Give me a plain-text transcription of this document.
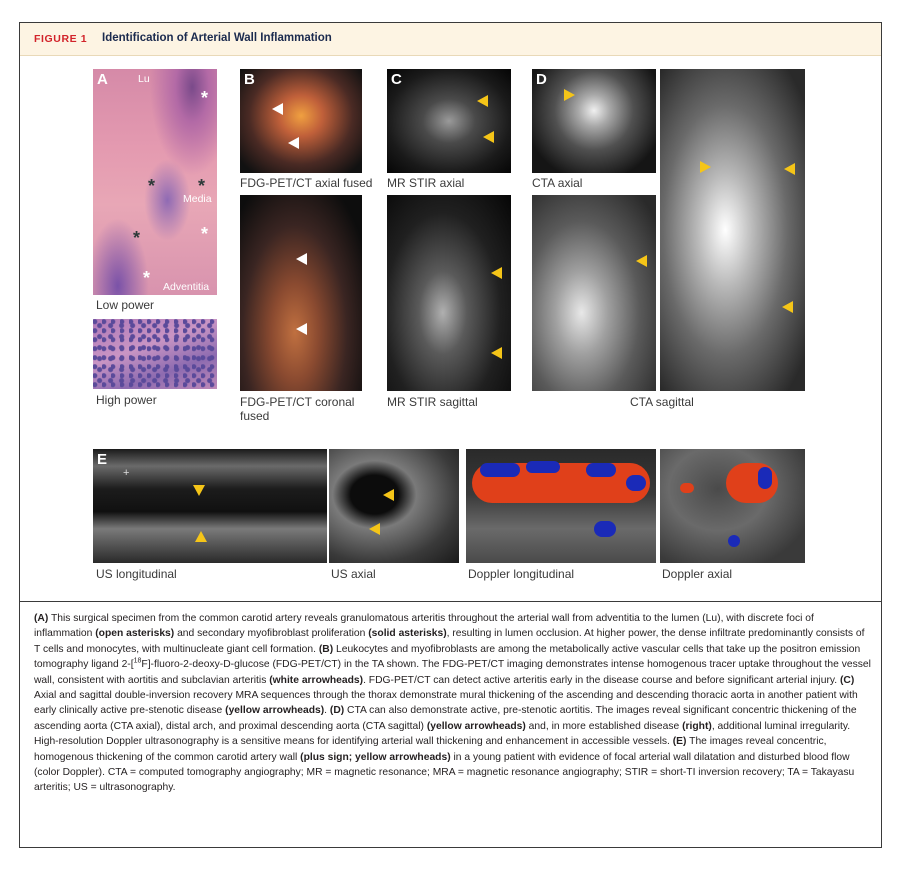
FIGURE 1 Identification of Arterial Wall Inflammation
A	Lu
Media
Adventitia
*
* *
*	*
*
Low power
High power
B
FDG-PET/CT axial fused
FDG-PET/CT coronal
fused
C
MR STIR axial
MR STIR sagittal
D
CTA axial
CTA sagittal
E
+
US longitudinal	US axial	Doppler longitudinal	Doppler axial
(A) This surgical specimen from the common carotid artery reveals granulomatous arteritis throughout the arterial wall from adventitia to the lumen (Lu), with discrete foci of inflammation (open asterisks) and secondary myofibroblast proliferation (solid asterisks), resulting in lumen occlusion. At higher power, the dense infiltrate predominantly consists of T cells and monocytes, with multinucleate giant cell formation. (B) Leukocytes and myofibroblasts are among the metabolically active vascular cells that take up the positron emission tomography ligand 2-[$^{18}$F]-fluoro-2-deoxy-D-glucose (FDG-PET/CT) in the TA shown. The FDG-PET/CT imaging demonstrates intense homogenous tracer uptake throughout the vessel wall, consistent with aortitis and subclavian arteritis (white arrowheads). FDG-PET/CT can detect active arteritis early in the disease course and before significant arterial injury. (C) Axial and sagittal double-inversion recovery MRA sequences through the thorax demonstrate mural thickening of the ascending and descending thoracic aorta in another patient with early clinically active pre-stenotic disease (yellow arrowheads). (D) CTA can also demonstrate active, pre-stenotic aortitis. The images reveal significant concentric thickening of the ascending aorta (CTA axial), distal arch, and proximal descending aorta (CTA sagittal) (yellow arrowheads) and, in more established disease (right), additional luminal irregularity. High-resolution Doppler ultrasonography is a sensitive means for identifying arterial wall thickening and enhancement in accessible vessels. (E) The images reveal concentric, homogenous thickening of the common carotid artery wall (plus sign; yellow arrowheads) in a young patient with evidence of focal arterial wall dilatation and disturbed blood flow (color Doppler). CTA = computed tomography angiography; MR = magnetic resonance; MRA = magnetic resonance angiography; STIR = short-TI inversion recovery; TA = Takayasu arteritis; US = ultrasonography.
